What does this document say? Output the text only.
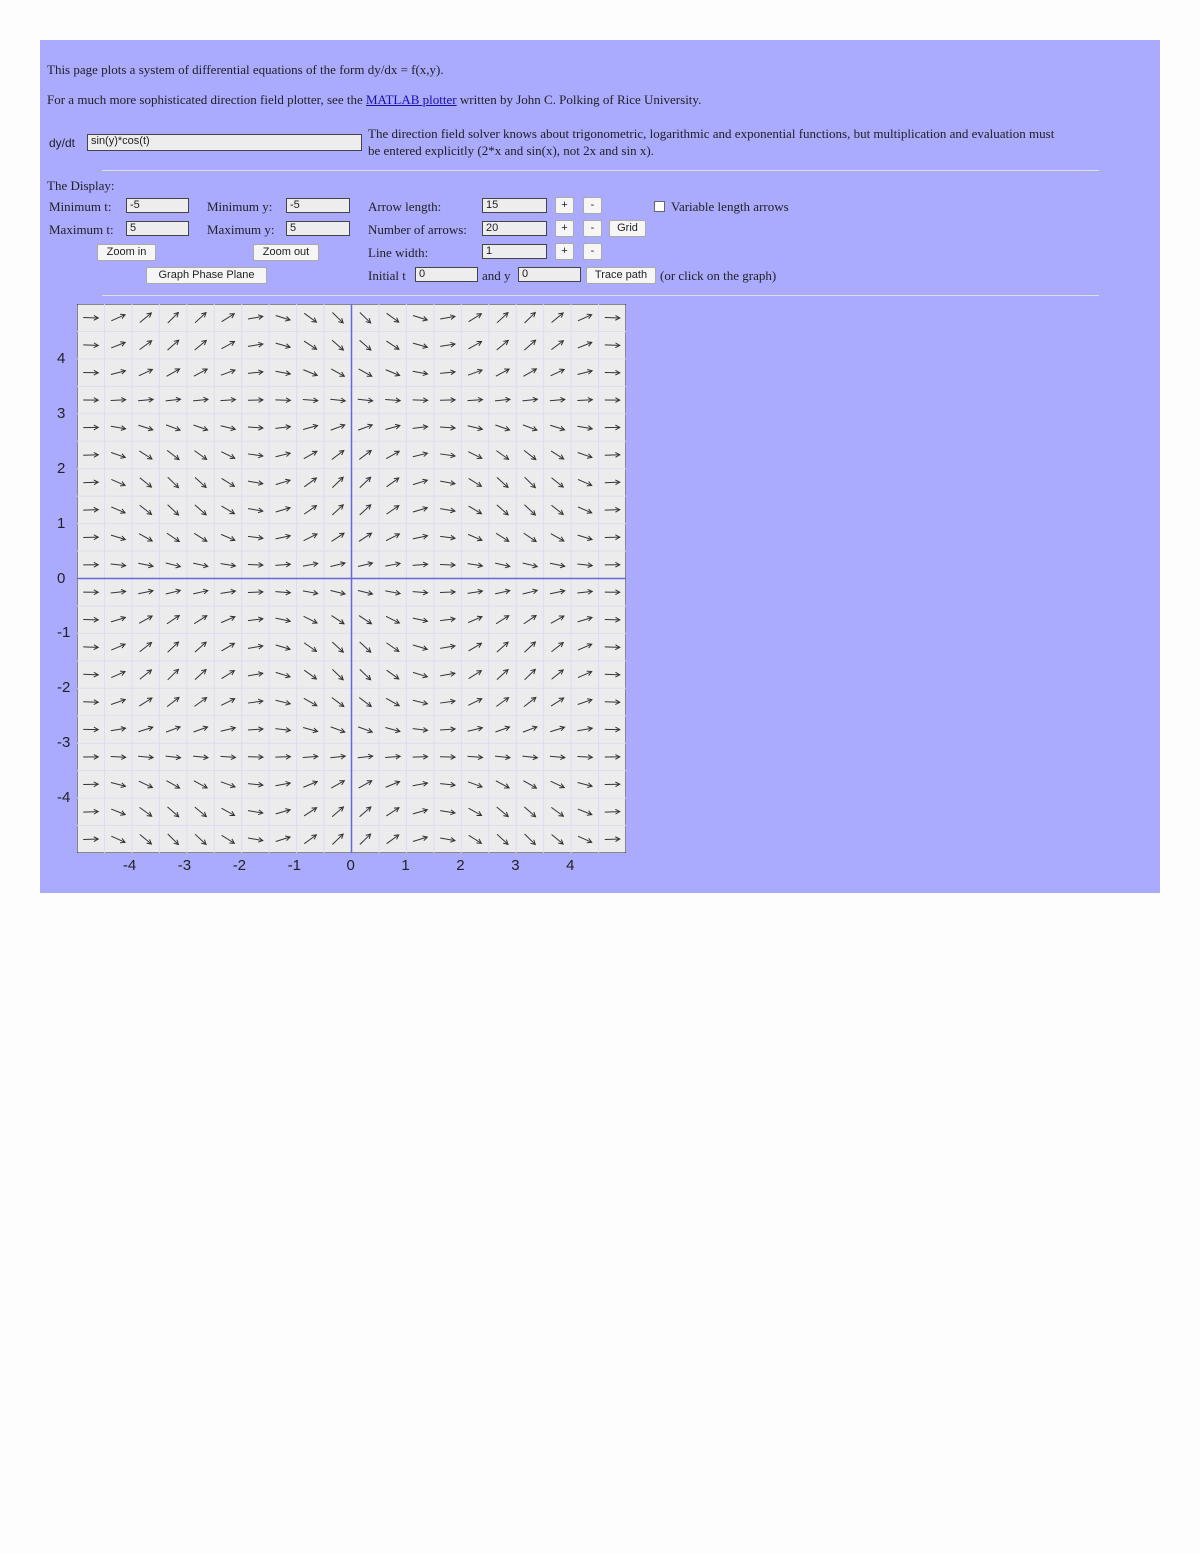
This page plots a system of differential equations of the form dy/dx = f(x,y).
For a much more sophisticated direction field plotter, see the MATLAB plotter written by John C. Polking of Rice University.
dy/dt	sin(y)*cos(t)	The direction field solver knows about trigonometric, logarithmic and exponential functions, but multiplication and evaluation must
be entered explicitly (2*x and sin(x), not 2x and sin x).
The Display:
Minimum t:	-5
Maximum t:	5
Minimum y:	-5
Maximum y:	5
Zoom in	Zoom out
Graph Phase Plane
Arrow length:	15	+	-
Number of arrows:	20	+	-	Grid
Line width:	1	+	-
Variable length arrows
Initial t	0	and y	0	Trace path (or click on the graph)
4
3
2
1
0
-1
-2
-3
-4
-4	-3	-2	-1	0	1	2	3	4
